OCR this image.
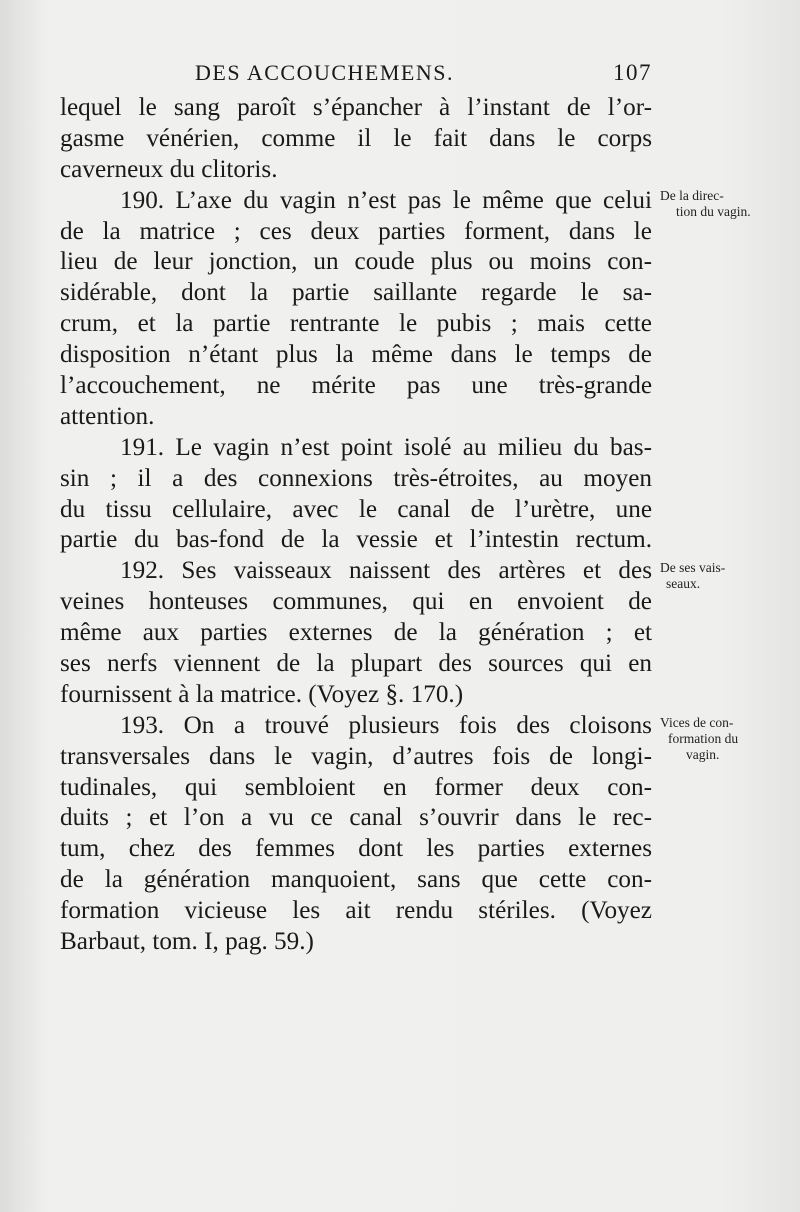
DES ACCOUCHEMENS.	107
lequel le sang paroît s’épancher à l’instant de l’or-
gasme vénérien, comme il le fait dans le corps
caverneux du clitoris.
190. L’axe du vagin n’est pas le même que celui
de la matrice ; ces deux parties forment, dans le
lieu de leur jonction, un coude plus ou moins con-
sidérable, dont la partie saillante regarde le sa-
crum, et la partie rentrante le pubis ; mais cette
disposition n’étant plus la même dans le temps de
l’accouchement, ne mérite pas une très-grande
attention.
191. Le vagin n’est point isolé au milieu du bas-
sin ; il a des connexions très-étroites, au moyen
du tissu cellulaire, avec le canal de l’urètre, une
partie du bas-fond de la vessie et l’intestin rectum.
192. Ses vaisseaux naissent des artères et des
veines honteuses communes, qui en envoient de
même aux parties externes de la génération ; et
ses nerfs viennent de la plupart des sources qui en
fournissent à la matrice. (Voyez §. 170.)
193. On a trouvé plusieurs fois des cloisons
transversales dans le vagin, d’autres fois de longi-
tudinales, qui sembloient en former deux con-
duits ; et l’on a vu ce canal s’ouvrir dans le rec-
tum, chez des femmes dont les parties externes
de la génération manquoient, sans que cette con-
formation vicieuse les ait rendu stériles. (Voyez
Barbaut, tom. I, pag. 59.)
De la direc-
tion du vagin.
De ses vais-
seaux.
Vices de con-
formation du
vagin.
